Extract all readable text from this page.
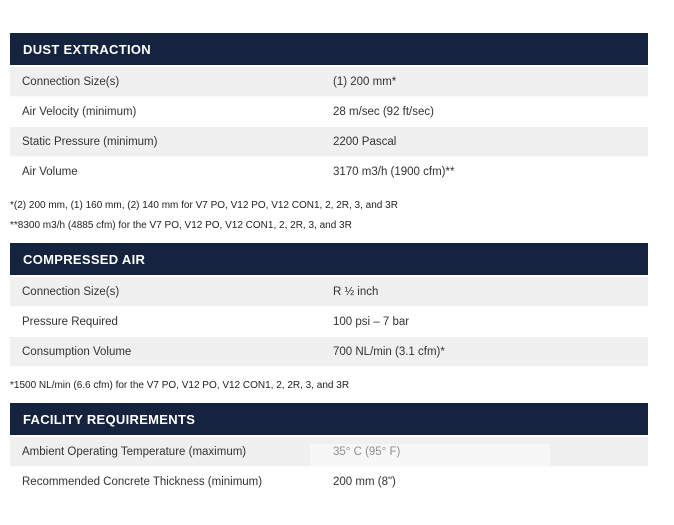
DUST EXTRACTION
Connection Size(s)	(1) 200 mm*
Air Velocity (minimum)	28 m/sec (92 ft/sec)
Static Pressure (minimum)	2200 Pascal
Air Volume	3170 m3/h (1900 cfm)**

*(2) 200 mm, (1) 160 mm, (2) 140 mm for V7 PO, V12 PO, V12 CON1, 2, 2R, 3, and 3R

**8300 m3/h (4885 cfm) for the V7 PO, V12 PO, V12 CON1, 2, 2R, 3, and 3R

COMPRESSED AIR
Connection Size(s)	R ½ inch
Pressure Required	100 psi – 7 bar
Consumption Volume	700 NL/min (3.1 cfm)*

*1500 NL/min (6.6 cfm) for the V7 PO, V12 PO, V12 CON1, 2, 2R, 3, and 3R

FACILITY REQUIREMENTS
Ambient Operating Temperature (maximum)	35° C (95° F)
Recommended Concrete Thickness (minimum)	200 mm (8")
